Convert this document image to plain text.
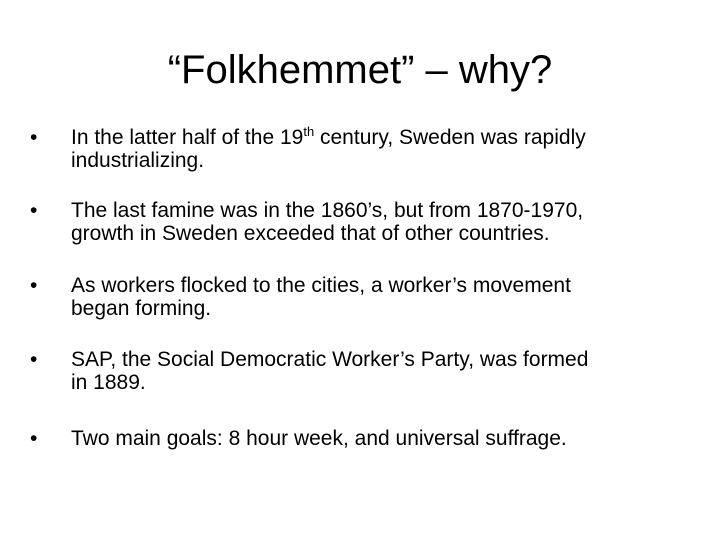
“Folkhemmet” – why?
•	In the latter half of the 19th century, Sweden was rapidly
industrializing.
•	The last famine was in the 1860’s, but from 1870-1970,
growth in Sweden exceeded that of other countries.
•	As workers flocked to the cities, a worker’s movement
began forming.
•	SAP, the Social Democratic Worker’s Party, was formed
in 1889.
•	Two main goals: 8 hour week, and universal suffrage.
